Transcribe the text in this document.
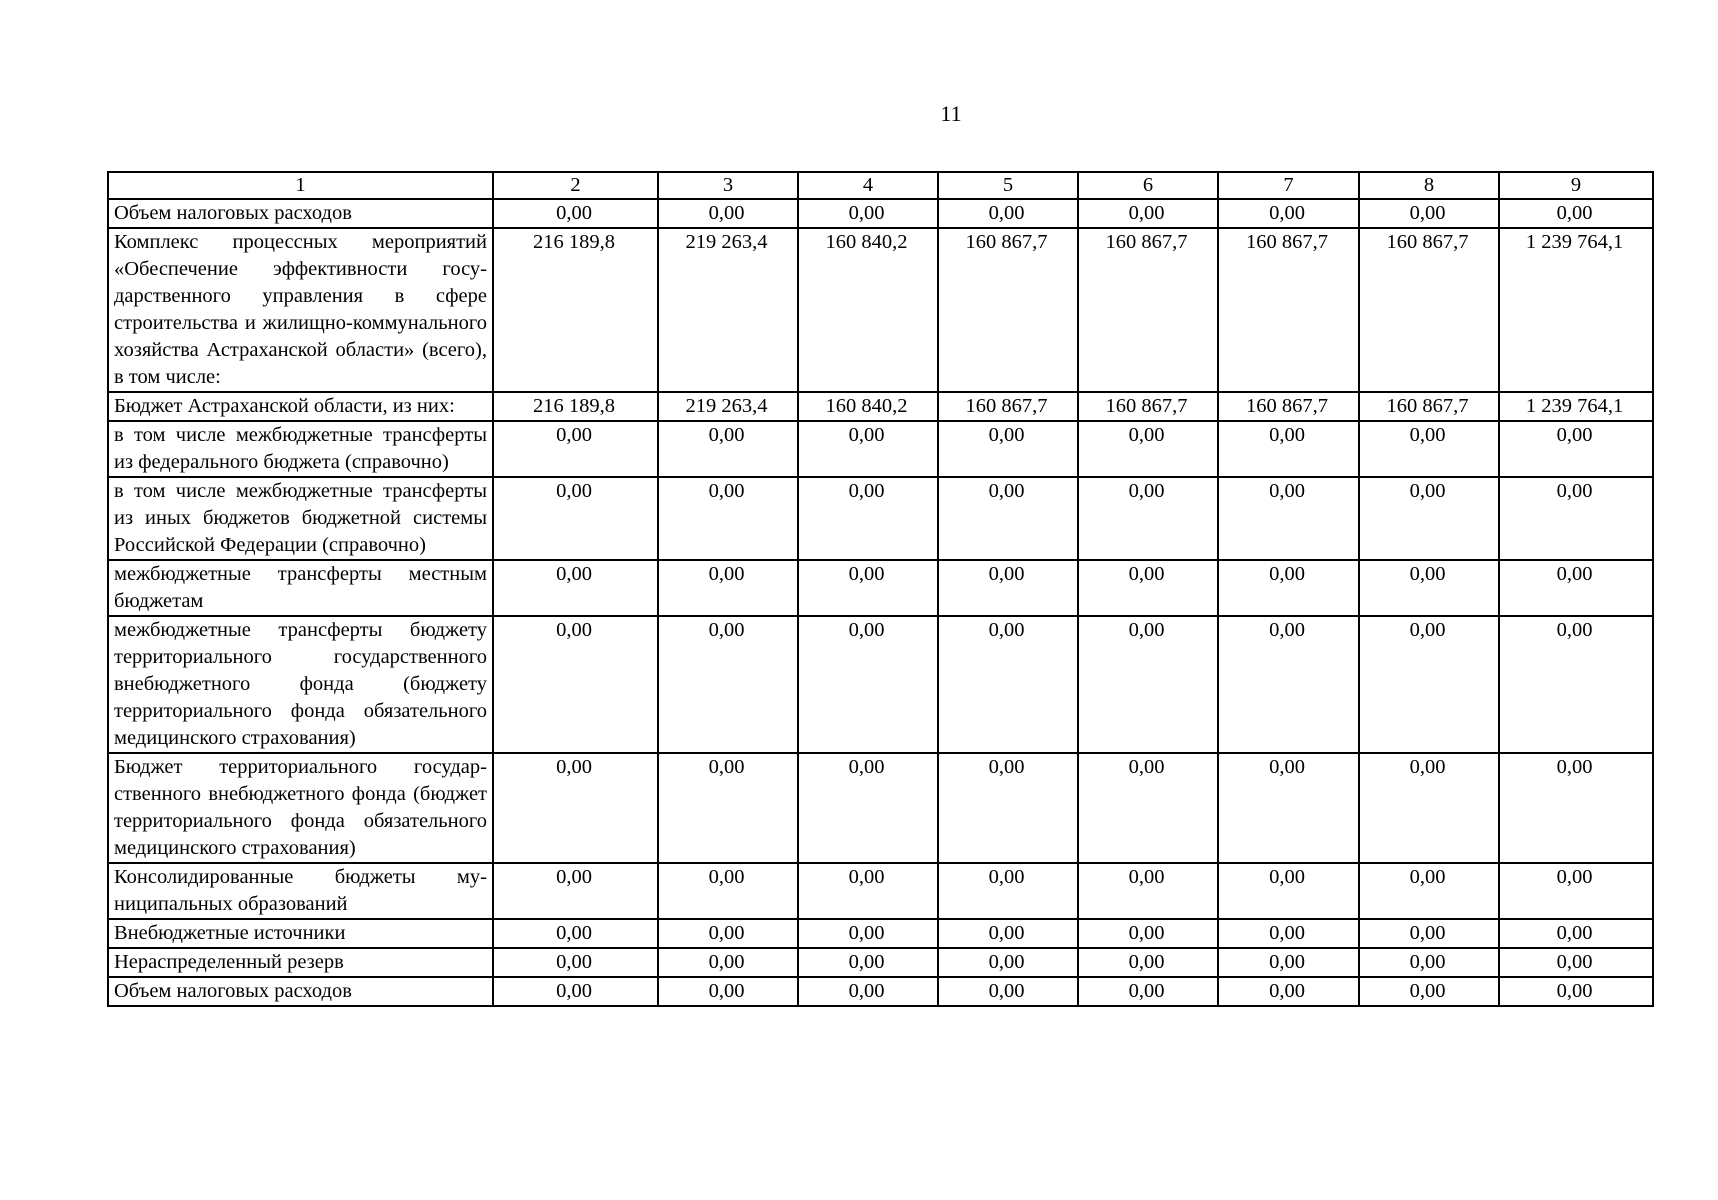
11
1	2	3	4	5	6	7	8	9
Объем налоговых расходов	0,00	0,00	0,00	0,00	0,00	0,00	0,00	0,00
Комплекс процессных мероприятий «Обеспечение эффективности государственного управления в сфере строительства и жилищно-коммунального хозяйства Астраханской области» (всего), в том числе:	216 189,8	219 263,4	160 840,2	160 867,7	160 867,7	160 867,7	160 867,7	1 239 764,1
Бюджет Астраханской области, из них:	216 189,8	219 263,4	160 840,2	160 867,7	160 867,7	160 867,7	160 867,7	1 239 764,1
в том числе межбюджетные трансферты из федерального бюджета (справочно)	0,00	0,00	0,00	0,00	0,00	0,00	0,00	0,00
в том числе межбюджетные трансферты из иных бюджетов бюджетной системы Российской Федерации (справочно)	0,00	0,00	0,00	0,00	0,00	0,00	0,00	0,00
межбюджетные трансферты местным бюджетам	0,00	0,00	0,00	0,00	0,00	0,00	0,00	0,00
межбюджетные трансферты бюджету территориального государственного внебюджетного фонда (бюджету территориального фонда обязательного медицинского страхования)	0,00	0,00	0,00	0,00	0,00	0,00	0,00	0,00
Бюджет территориального государственного внебюджетного фонда (бюджет территориального фонда обязательного медицинского страхования)	0,00	0,00	0,00	0,00	0,00	0,00	0,00	0,00
Консолидированные бюджеты муниципальных образований	0,00	0,00	0,00	0,00	0,00	0,00	0,00	0,00
Внебюджетные источники	0,00	0,00	0,00	0,00	0,00	0,00	0,00	0,00
Нераспределенный резерв	0,00	0,00	0,00	0,00	0,00	0,00	0,00	0,00
Объем налоговых расходов	0,00	0,00	0,00	0,00	0,00	0,00	0,00	0,00
